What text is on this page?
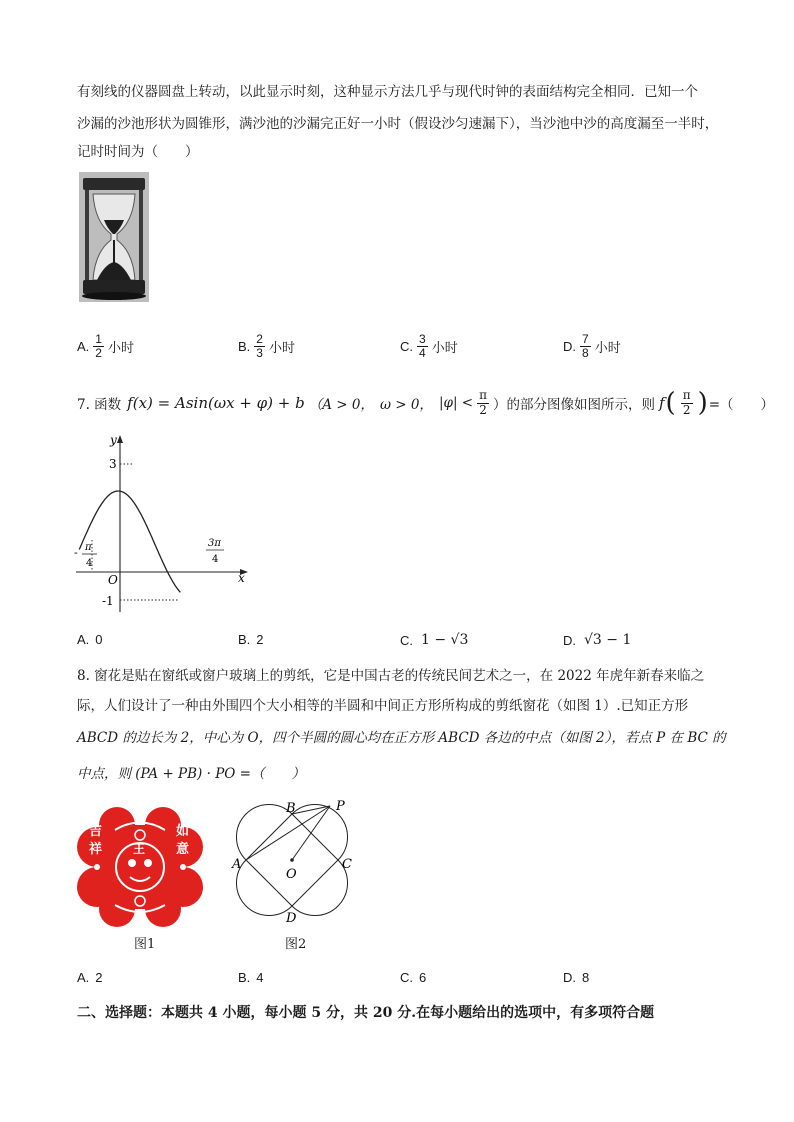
有刻线的仪器圆盘上转动，以此显示时刻，这种显示方法几乎与现代时钟的表面结构完全相同．已知一个
沙漏的沙池形状为圆锥形，满沙池的沙漏完正好一小时（假设沙匀速漏下），当沙池中沙的高度漏至一半时，
记时时间为（　　）
A. $\frac{1}{2}$ 小时	B. $\frac{2}{3}$ 小时	C. $\frac{3}{4}$ 小时	D. $\frac{7}{8}$ 小时
7. 函数 f(x) = Asin(ωx + φ) + b （A > 0， ω > 0， $|\varphi| < \frac{\pi}{2}$ ）的部分图像如图所示，则 f ( $\frac{\pi}{2}$ ) =（　　）
y
x
O
3
-1
- π
4
3π
4
A. 0	B. 2	C. 1 − √3	D. √3 − 1
8. 窗花是贴在窗纸或窗户玻璃上的剪纸，它是中国古老的传统民间艺术之一，在 2022 年虎年新春来临之
际，人们设计了一种由外围四个大小相等的半圆和中间正方形所构成的剪纸窗花（如图 1）.已知正方形
ABCD 的边长为 2，中心为 O，四个半圆的圆心均在正方形 ABCD 各边的中点（如图 2），若点 P 在 BC 的
中点，则 (PA + PB) · PO =（　　）
吉
祥
如
意
王
图1
B	P
A	C
O
D
图2
A. 2	B. 4	C. 6	D. 8
二、选择题：本题共 4 小题，每小题 5 分，共 20 分.在每小题给出的选项中，有多项符合题
